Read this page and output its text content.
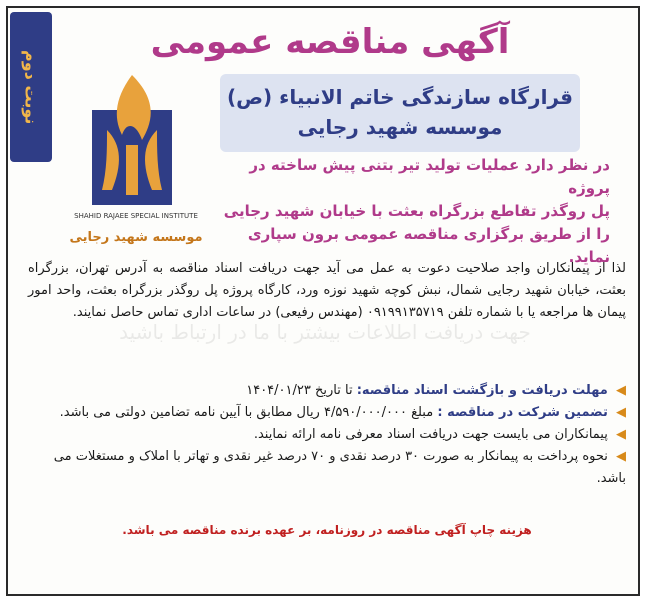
نوبت دوم
SHAHID RAJAEE SPECIAL INSTITUTE
موسسه شهید رجایی
آگهی مناقصه عمومی
قرارگاه سازندگی خاتم الانبیاء (ص)
موسسه شهید رجایی
در نظر دارد عملیات تولید تیر بتنی پیش ساخته در پروژه
پل روگذر تقاطع بزرگراه بعثت با خیابان شهید رجایی
را از طریق برگزاری مناقصه عمومی برون سپاری نماید.
لذا از پیمانکاران واجد صلاحیت دعوت به عمل می آید جهت دریافت اسناد مناقصه به آدرس تهران، بزرگراه بعثت، خیابان شهید رجایی شمال، نبش کوچه شهید نوزه ورد، کارگاه پروژه پل روگذر بزرگراه بعثت، واحد امور پیمان ها مراجعه یا با شماره تلفن ۰۹۱۹۹۱۳۵۷۱۹ (مهندس رفیعی) در ساعات اداری تماس حاصل نمایند.
جهت دریافت اطلاعات بیشتر با ما در ارتباط باشید
◀ مهلت دریافت و بازگشت اسناد مناقصه: تا تاریخ ۱۴۰۴/۰۱/۲۳
◀ تضمین شرکت در مناقصه : مبلغ ۴/۵۹۰/۰۰۰/۰۰۰ ریال مطابق با آیین نامه تضامین دولتی می باشد.
◀ پیمانکاران می بایست جهت دریافت اسناد معرفی نامه ارائه نمایند.
◀ نحوه پرداخت به پیمانکار به صورت ۳۰ درصد نقدی و ۷۰ درصد غیر نقدی و تهاتر با املاک و مستغلات می باشد.
هزینه چاپ آگهی مناقصه در روزنامه، بر عهده برنده مناقصه می باشد.
